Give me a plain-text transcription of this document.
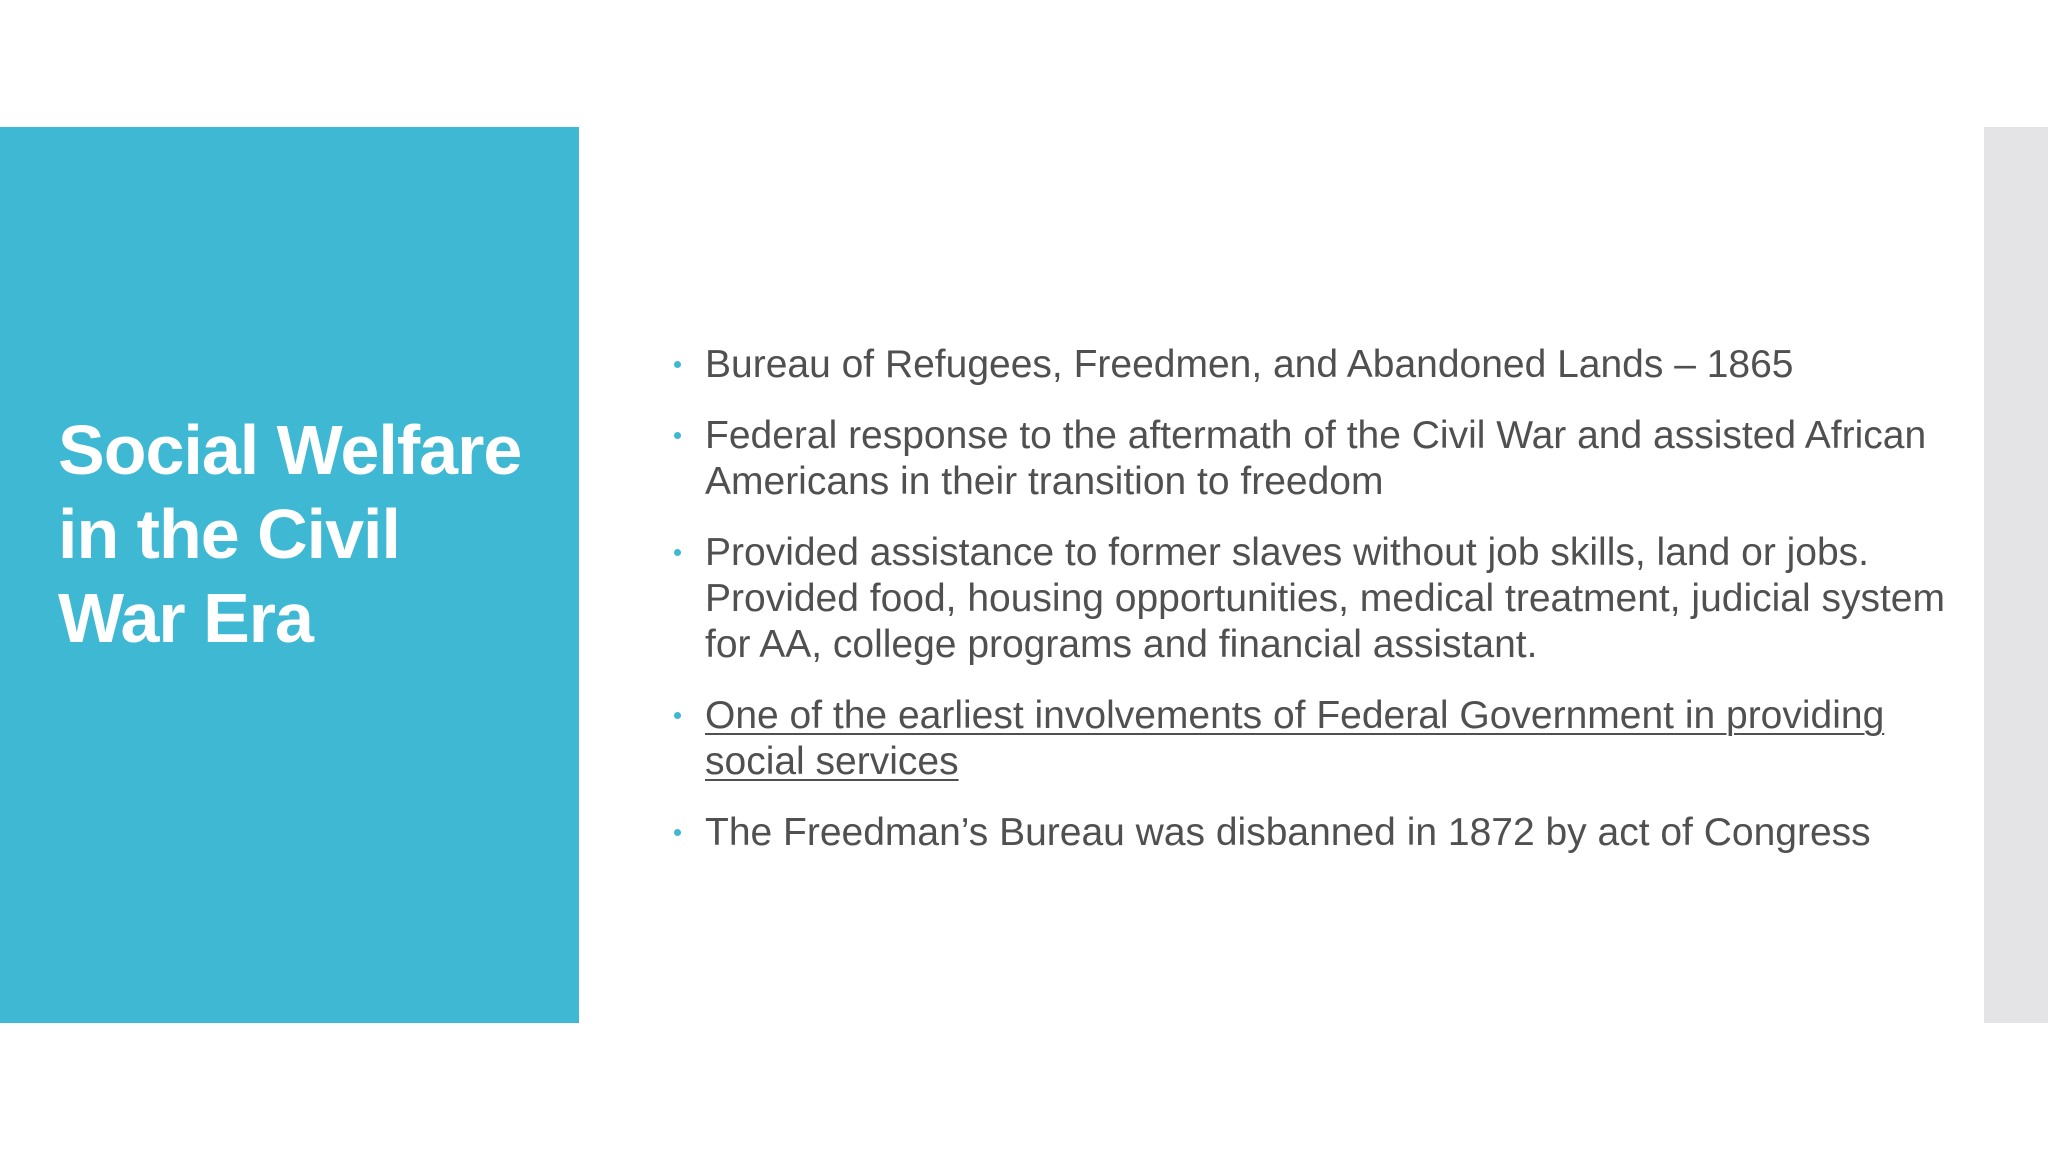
Social Welfare
in the Civil
War Era
Bureau of Refugees, Freedmen, and Abandoned Lands – 1865
Federal response to the aftermath of the Civil War and assisted African Americans in their transition to freedom
Provided assistance to former slaves without job skills, land or jobs. Provided food, housing opportunities, medical treatment, judicial system for AA, college programs and financial assistant.
One of the earliest involvements of Federal Government in providing social services
The Freedman’s Bureau was disbanned in 1872 by act of Congress
